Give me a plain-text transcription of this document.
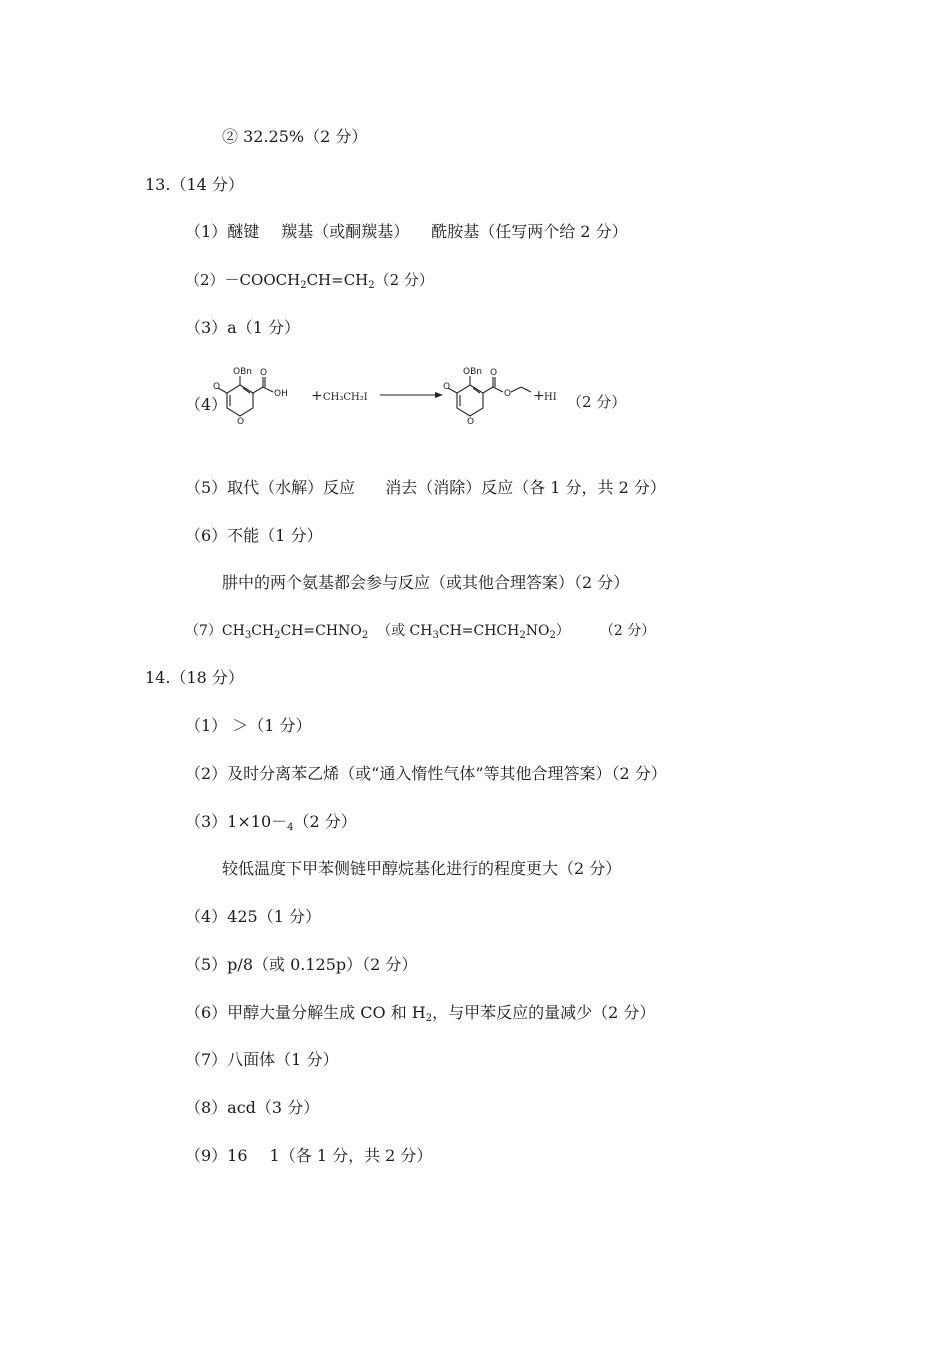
② 32.25%（2 分）
13.（14 分）
（1）醚键 羰基（或酮羰基） 酰胺基（任写两个给 2 分）
$(2)-COOCH_2CH=CH_2(2$ 分）
（3）a（1 分）
（4）
OBn O
OH
O
O
OBn O
O
O
O
+ CH₃CH₂I	+ HI （2 分）
（5）取代（水解）反应 消去（消除）反应（各 1 分，共 2 分）
（6）不能（1 分）
肼中的两个氨基都会参与反应（或其他合理答案）（2 分）
$(7)CH_3CH_2CH=CHNO_2$ （或 $CH_3CH=CHCH_2NO_2$） （2 分）
14.（18 分）
（1） ＞（1 分）
（2）及时分离苯乙烯（或“通入惰性气体”等其他合理答案）（2 分）
（3）1×10－4（2 分）
较低温度下甲苯侧链甲醇烷基化进行的程度更大（2 分）
（4）425（1 分）
（5）p/8（或 0.125p）（2 分）
（6）甲醇大量分解生成 CO 和 H2，与甲苯反应的量减少（2 分）
（7）八面体（1 分）
（8）acd（3 分）
（9）16 1（各 1 分，共 2 分）
